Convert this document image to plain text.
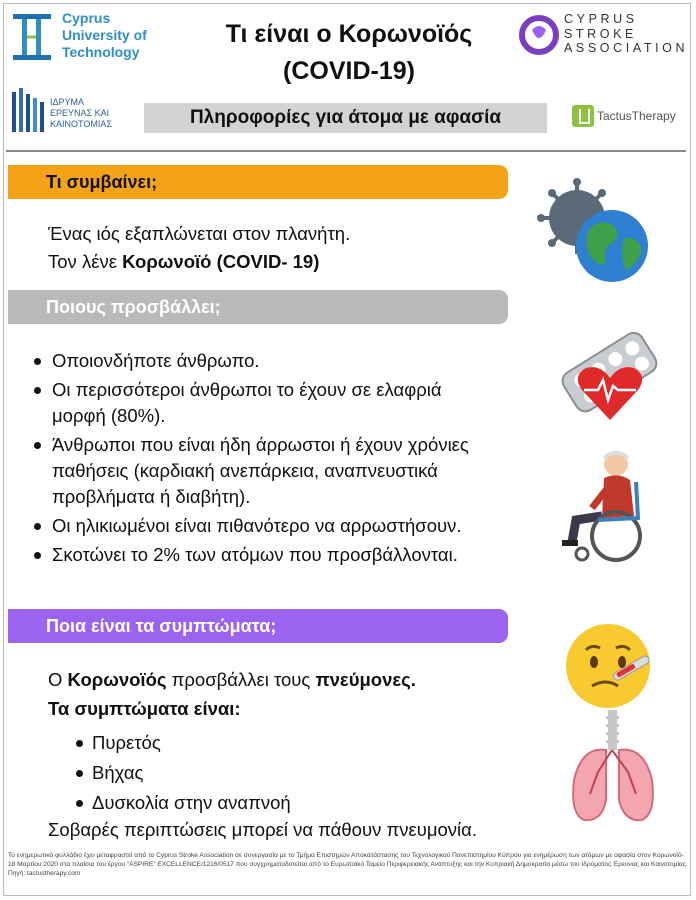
Cyprus
University of
Technology
ΙΔΡΥΜΑ
ΕΡΕΥΝΑΣ ΚΑΙ
ΚΑΙΝΟΤΟΜΙΑΣ
CYPRUS
STROKE
ASSOCIATION
TactusTherapy
Τι είναι ο Κορωνοϊός
(COVID-19)
Πληροφορίες για άτομα με αφασία
Τι συμβαίνει;
Ένας ιός εξαπλώνεται στον πλανήτη.
Τον λένε Κορωνοϊό (COVID- 19)
Ποιους προσβάλλει;
Οποιονδήποτε άνθρωπο.
Οι περισσότεροι άνθρωποι το έχουν σε ελαφριά
μορφή (80%).
Άνθρωποι που είναι ήδη άρρωστοι ή έχουν χρόνιες
παθήσεις (καρδιακή ανεπάρκεια, αναπνευστικά
προβλήματα ή διαβήτη).
Οι ηλικιωμένοι είναι πιθανότερο να αρρωστήσουν.
Σκοτώνει το 2% των ατόμων που προσβάλλονται.
Ποια είναι τα συμπτώματα;
Ο Κορωνοϊός προσβάλλει τους πνεύμονες.
Τα συμπτώματα είναι:
Πυρετός
Βήχας
Δυσκολία στην αναπνοή
Σοβαρές περιπτώσεις μπορεί να πάθουν πνευμονία.
Το ενημερωτικό φυλλάδιο έχει μεταφραστεί από το Cyprus Stroke Association σε συνεργασία με το Τμήμα Επιστημών Αποκατάστασης του Τεχνολογικού Πανεπιστημίου Κύπρου για ενημέρωση των ατόμων με αφασία στον Κορωνοϊό- 18 Μαρτίου 2020 στα πλαίσια του έργου “ASPIRE” EXCELLENCE/1216/0517 που συγχρηματοδοτείται από το Ευρωπαϊκό Ταμείο Περιφερειακής Ανάπτυξης και την Κυπριακή Δημοκρατία μέσω του Ιδρύματος Έρευνας και Καινοτομίας. Πηγή: tactustherapy.com
